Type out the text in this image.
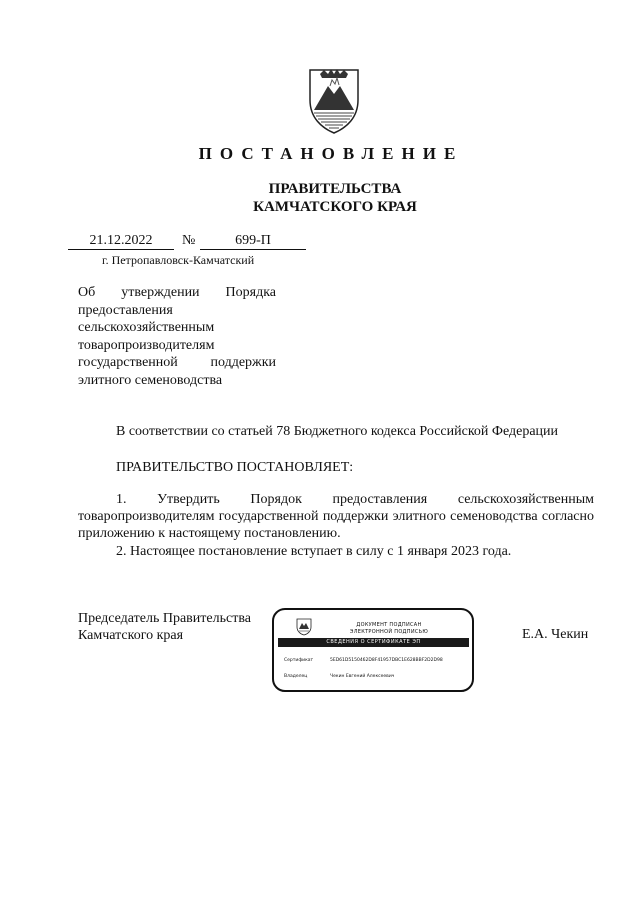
ПОСТАНОВЛЕНИЕ
ПРАВИТЕЛЬСТВА
КАМЧАТСКОГО КРАЯ
21.12.2022	№	699-П
г. Петропавловск-Камчатский
Об утверждении Порядка
предоставления
сельскохозяйственным
товаропроизводителям
государственной поддержки
элитного семеноводства
В соответствии со статьей 78 Бюджетного кодекса Российской Федерации
ПРАВИТЕЛЬСТВО ПОСТАНОВЛЯЕТ:
1. Утвердить Порядок предоставления сельскохозяйственным товаропроизводителям государственной поддержки элитного семеноводства согласно приложению к настоящему постановлению.
2. Настоящее постановление вступает в силу с 1 января 2023 года.
Председатель Правительства
Камчатского края
ДОКУМЕНТ ПОДПИСАН
ЭЛЕКТРОННОЙ ПОДПИСЬЮ
СВЕДЕНИЯ О СЕРТИФИКАТЕ ЭП
Сертификат	5ED61D5150462D8F41957DBC1E628BBF2D2D98
Владелец	Чекин Евгений Алексеевич
Е.А. Чекин
